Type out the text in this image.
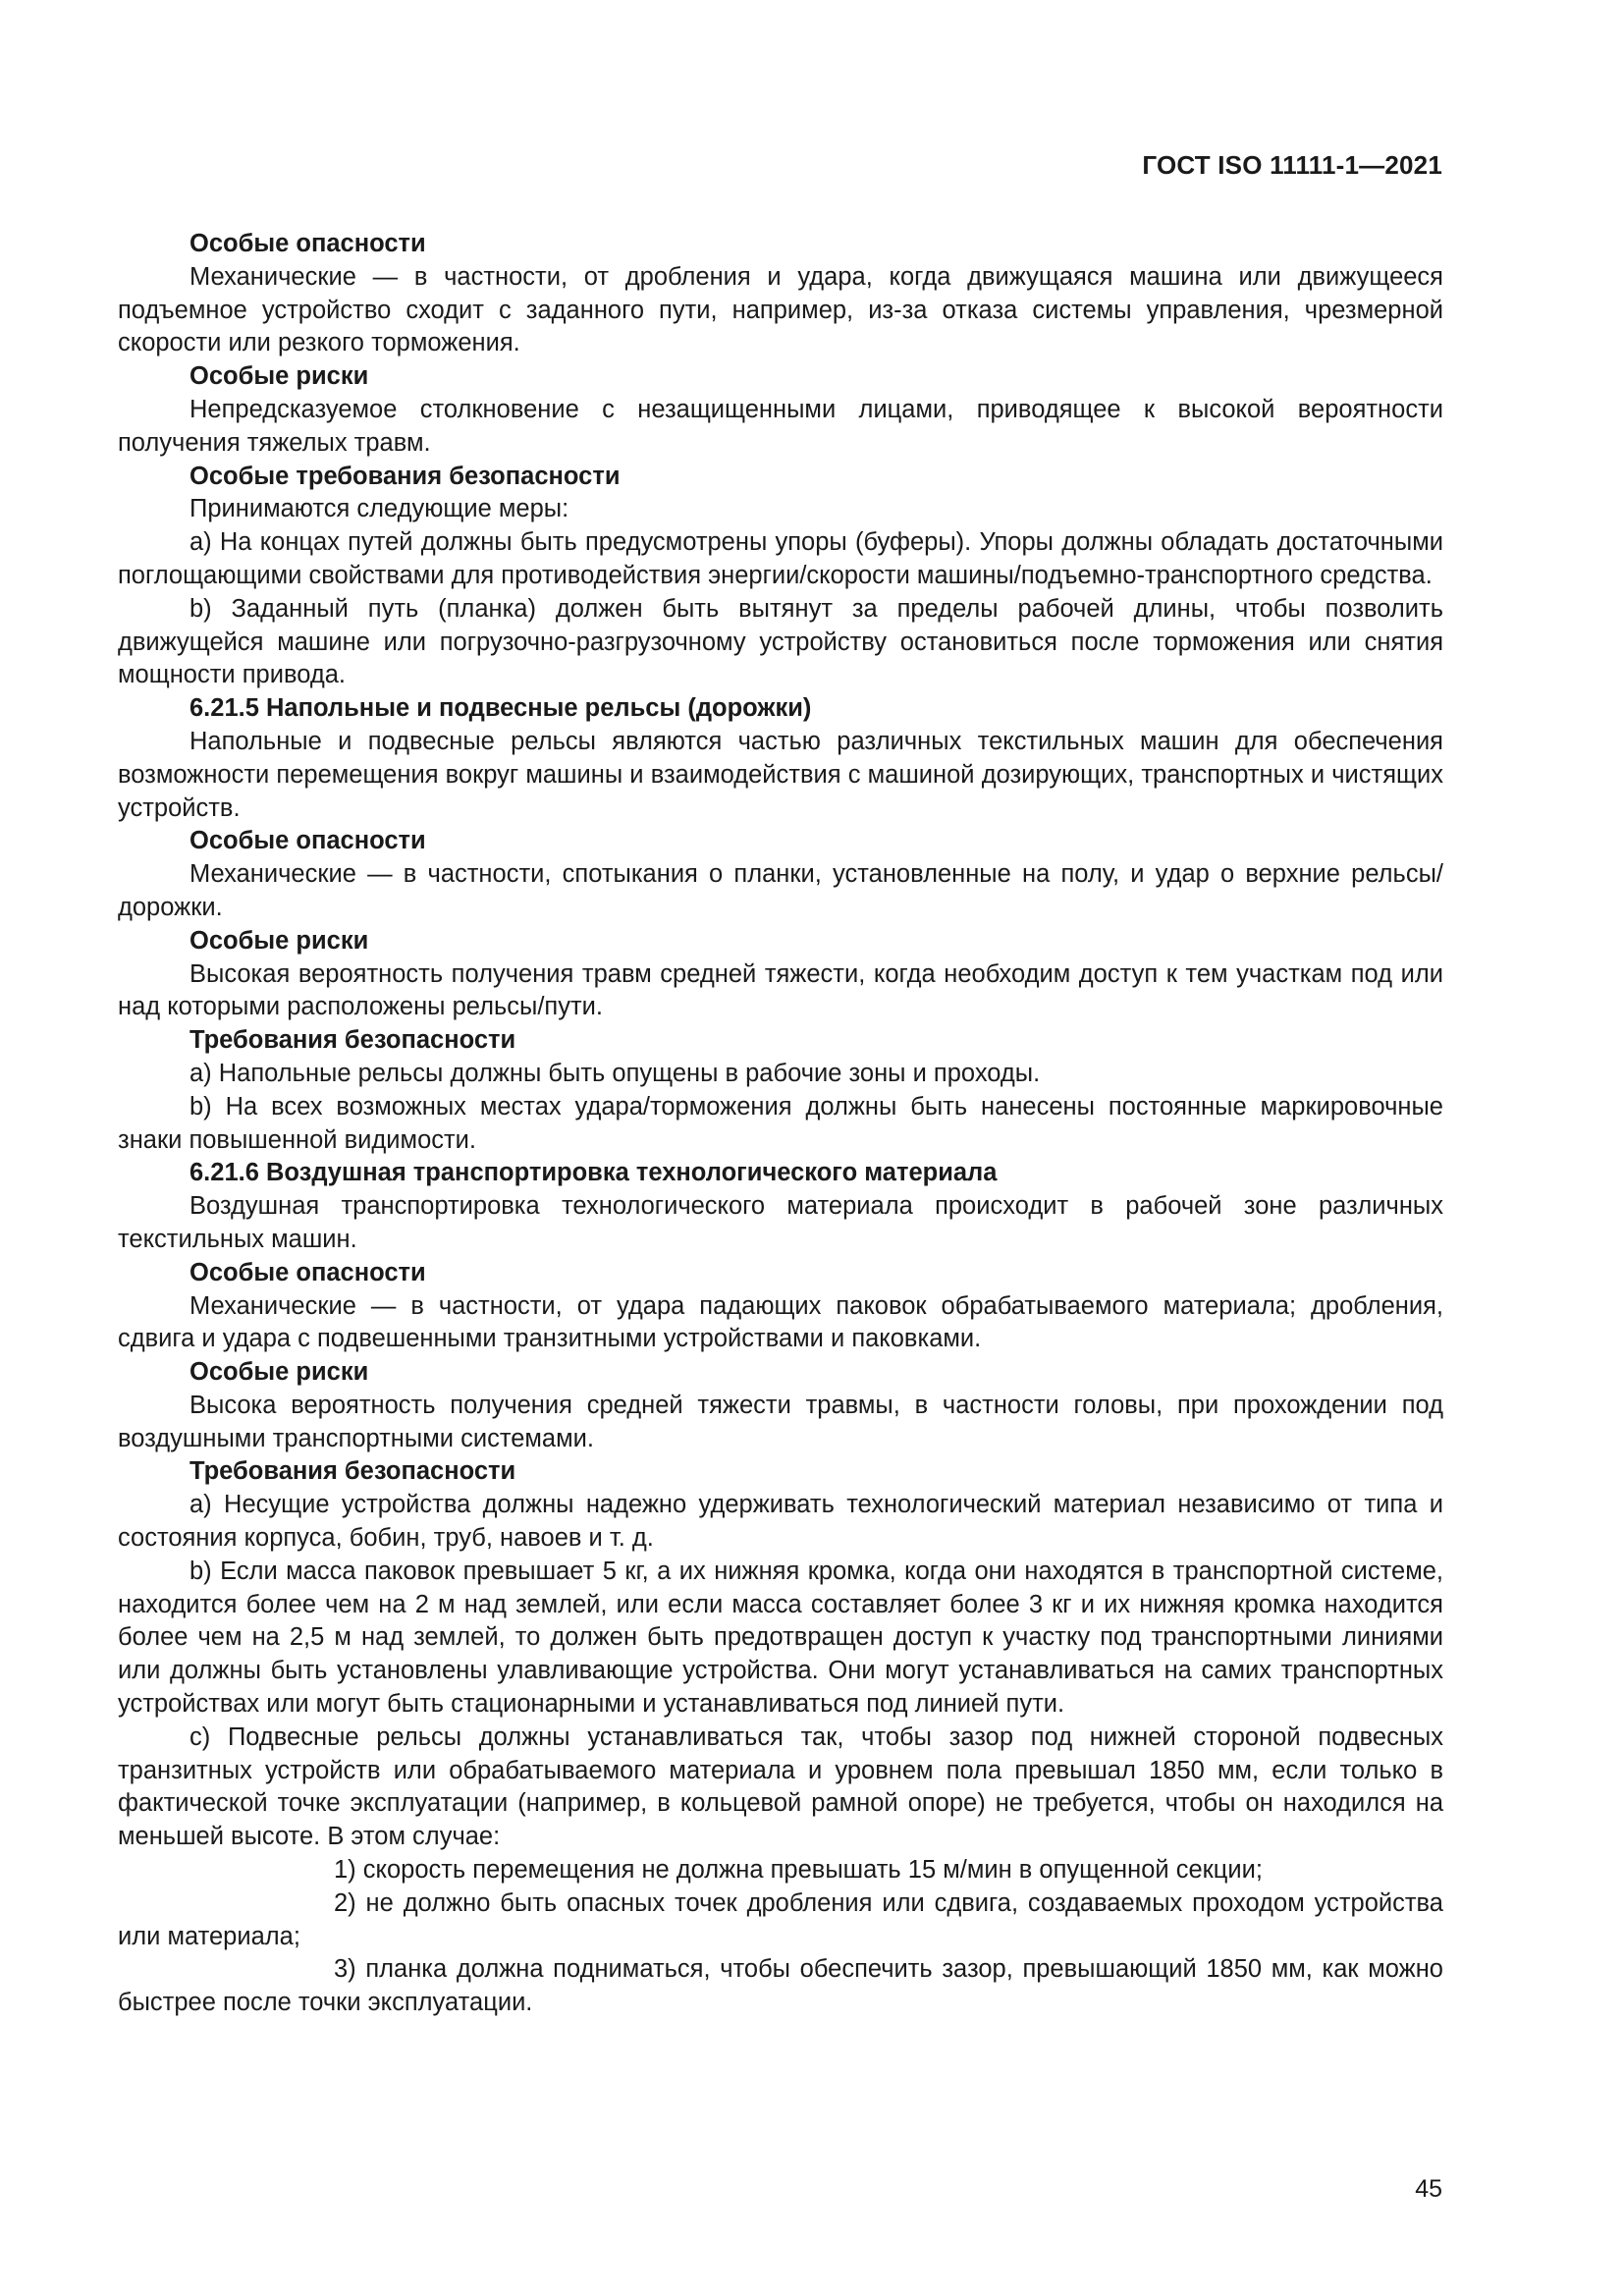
ГОСТ ISO 11111-1—2021

Особые опасности

Механические — в частности, от дробления и удара, когда движущаяся машина или движущееся подъемное устройство сходит с заданного пути, например, из-за отказа системы управления, чрезмерной скорости или резкого торможения.

Особые риски

Непредсказуемое столкновение с незащищенными лицами, приводящее к высокой вероятности получения тяжелых травм.

Особые требования безопасности

Принимаются следующие меры:

a) На концах путей должны быть предусмотрены упоры (буферы). Упоры должны обладать достаточными поглощающими свойствами для противодействия энергии/скорости машины/подъемно-транспортного средства.

b) Заданный путь (планка) должен быть вытянут за пределы рабочей длины, чтобы позволить движущейся машине или погрузочно-разгрузочному устройству остановиться после торможения или снятия мощности привода.

6.21.5 Напольные и подвесные рельсы (дорожки)

Напольные и подвесные рельсы являются частью различных текстильных машин для обеспечения возможности перемещения вокруг машины и взаимодействия с машиной дозирующих, транспортных и чистящих устройств.

Особые опасности

Механические — в частности, спотыкания о планки, установленные на полу, и удар о верхние рельсы/дорожки.

Особые риски

Высокая вероятность получения травм средней тяжести, когда необходим доступ к тем участкам под или над которыми расположены рельсы/пути.

Требования безопасности

a) Напольные рельсы должны быть опущены в рабочие зоны и проходы.

b) На всех возможных местах удара/торможения должны быть нанесены постоянные маркировочные знаки повышенной видимости.

6.21.6 Воздушная транспортировка технологического материала

Воздушная транспортировка технологического материала происходит в рабочей зоне различных текстильных машин.

Особые опасности

Механические — в частности, от удара падающих паковок обрабатываемого материала; дробления, сдвига и удара с подвешенными транзитными устройствами и паковками.

Особые риски

Высока вероятность получения средней тяжести травмы, в частности головы, при прохождении под воздушными транспортными системами.

Требования безопасности

a) Несущие устройства должны надежно удерживать технологический материал независимо от типа и состояния корпуса, бобин, труб, навоев и т. д.

b) Если масса паковок превышает 5 кг, а их нижняя кромка, когда они находятся в транспортной системе, находится более чем на 2 м над землей, или если масса составляет более 3 кг и их нижняя кромка находится более чем на 2,5 м над землей, то должен быть предотвращен доступ к участку под транспортными линиями или должны быть установлены улавливающие устройства. Они могут устанавливаться на самих транспортных устройствах или могут быть стационарными и устанавливаться под линией пути.

c) Подвесные рельсы должны устанавливаться так, чтобы зазор под нижней стороной подвесных транзитных устройств или обрабатываемого материала и уровнем пола превышал 1850 мм, если только в фактической точке эксплуатации (например, в кольцевой рамной опоре) не требуется, чтобы он находился на меньшей высоте. В этом случае:

1) скорость перемещения не должна превышать 15 м/мин в опущенной секции;

2) не должно быть опасных точек дробления или сдвига, создаваемых проходом устройства или материала;

3) планка должна подниматься, чтобы обеспечить зазор, превышающий 1850 мм, как можно быстрее после точки эксплуатации.

45
